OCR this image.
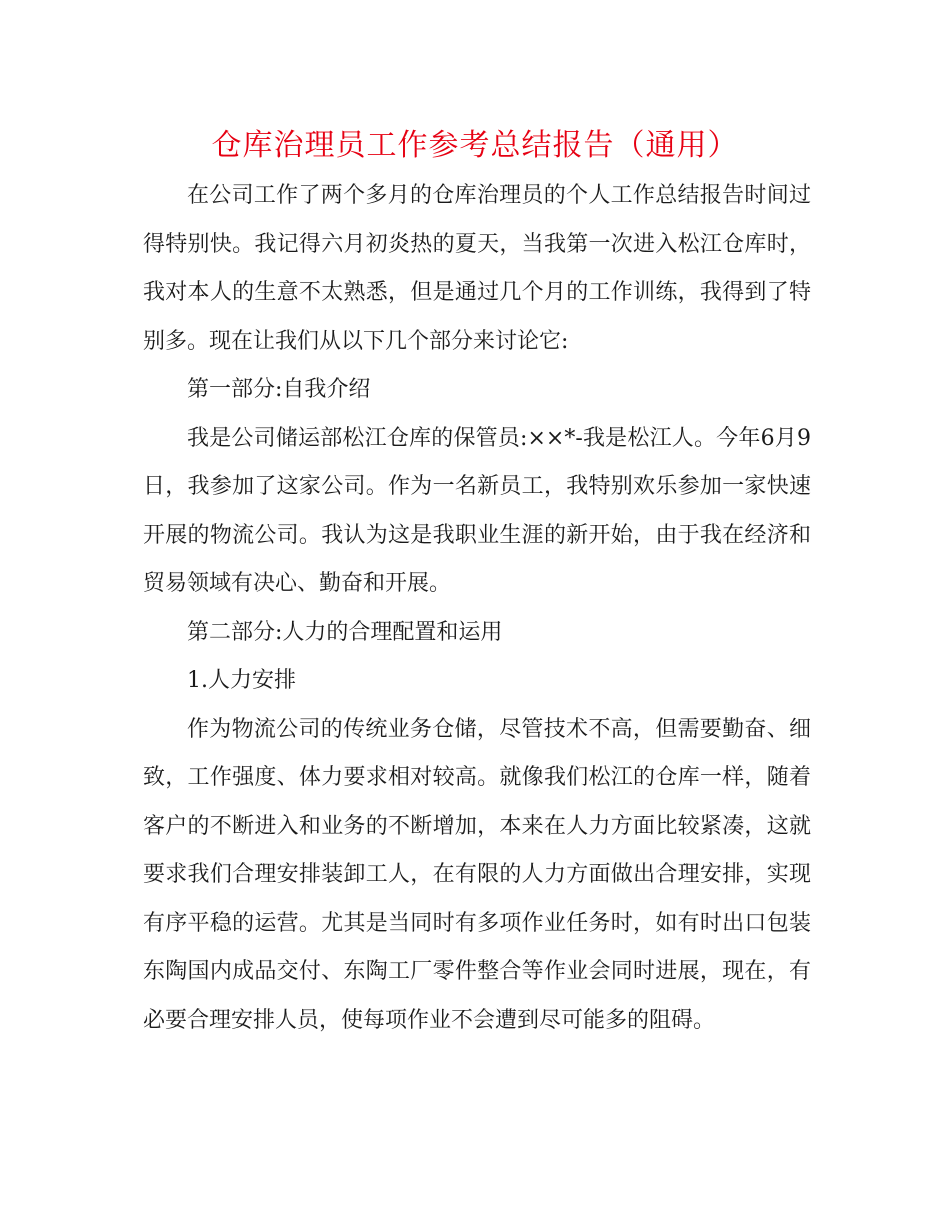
仓库治理员工作参考总结报告（通用）

在公司工作了两个多月的仓库治理员的个人工作总结报告时间过得特别快。我记得六月初炎热的夏天，当我第一次进入松江仓库时，我对本人的生意不太熟悉，但是通过几个月的工作训练，我得到了特别多。现在让我们从以下几个部分来讨论它:

第一部分:自我介绍

我是公司储运部松江仓库的保管员:××*-我是松江人。今年6月9日，我参加了这家公司。作为一名新员工，我特别欢乐参加一家快速开展的物流公司。我认为这是我职业生涯的新开始，由于我在经济和贸易领域有决心、勤奋和开展。

第二部分:人力的合理配置和运用

1.人力安排

作为物流公司的传统业务仓储，尽管技术不高，但需要勤奋、细致，工作强度、体力要求相对较高。就像我们松江的仓库一样，随着客户的不断进入和业务的不断增加，本来在人力方面比较紧凑，这就要求我们合理安排装卸工人，在有限的人力方面做出合理安排，实现有序平稳的运营。尤其是当同时有多项作业任务时，如有时出口包装东陶国内成品交付、东陶工厂零件整合等作业会同时进展，现在，有必要合理安排人员，使每项作业不会遭到尽可能多的阻碍。
